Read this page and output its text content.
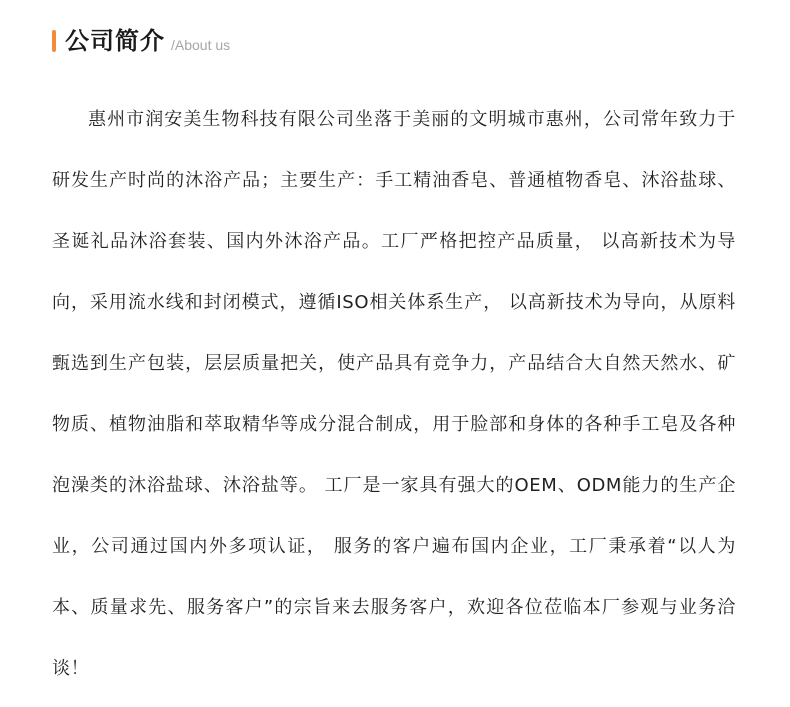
公司简介 /About us

惠州市润安美生物科技有限公司坐落于美丽的文明城市惠州，公司常年致力于研发生产时尚的沐浴产品；主要生产：手工精油香皂、普通植物香皂、沐浴盐球、圣诞礼品沐浴套装、国内外沐浴产品。工厂严格把控产品质量， 以高新技术为导向，采用流水线和封闭模式，遵循ISO相关体系生产， 以高新技术为导向，从原料甄选到生产包装，层层质量把关，使产品具有竞争力，产品结合大自然天然水、矿物质、植物油脂和萃取精华等成分混合制成，用于脸部和身体的各种手工皂及各种泡澡类的沐浴盐球、沐浴盐等。 工厂是一家具有强大的OEM、ODM能力的生产企业，公司通过国内外多项认证， 服务的客户遍布国内企业，工厂秉承着“以人为本、质量求先、服务客户”的宗旨来去服务客户，欢迎各位莅临本厂参观与业务洽谈！
